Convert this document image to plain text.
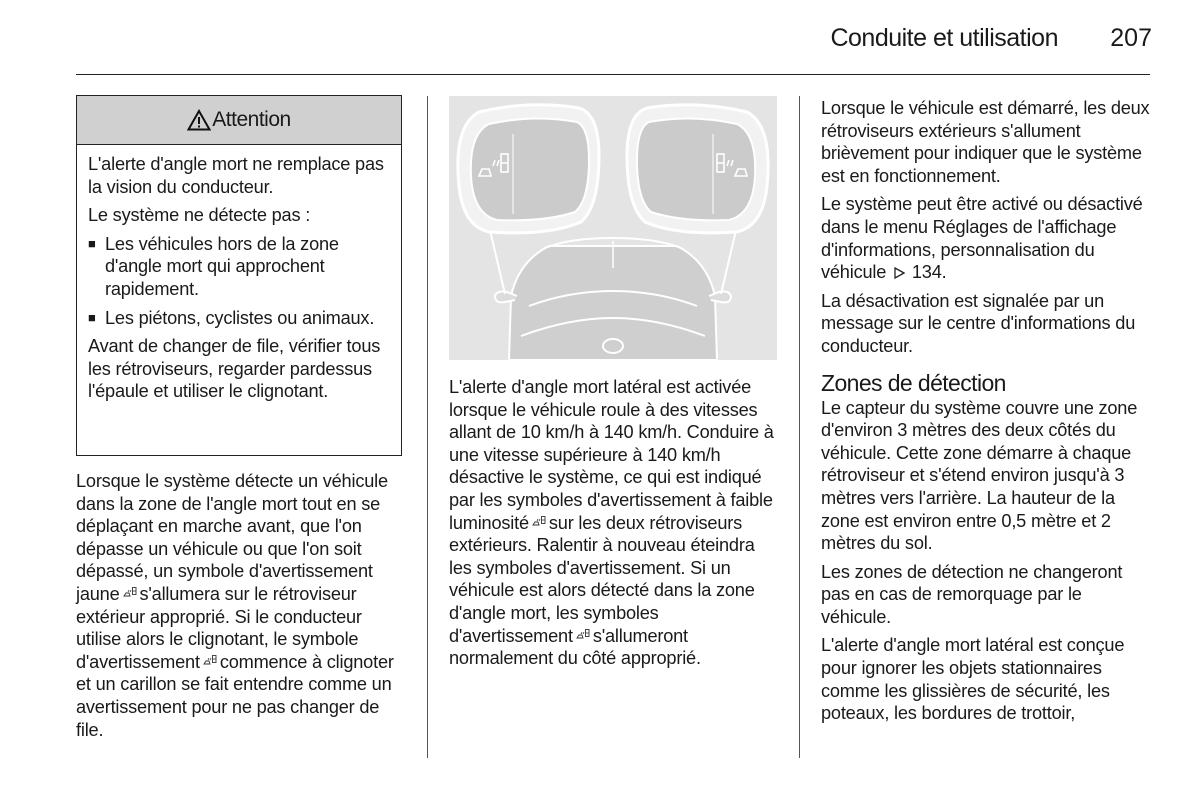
Conduite et utilisation	207
Attention

L'alerte d'angle mort ne remplace pas la vision du conducteur.

Le système ne détecte pas :

■ Les véhicules hors de la zone d'angle mort qui approchent rapidement.
■ Les piétons, cyclistes ou animaux.

Avant de changer de file, vérifier tous les rétroviseurs, regarder pardessus l'épaule et utiliser le clignotant.

Lorsque le système détecte un véhicule dans la zone de l'angle mort tout en se déplaçant en marche avant, que l'on dépasse un véhicule ou que l'on soit dépassé, un symbole d'avertissement jaune s'allumera sur le rétroviseur extérieur approprié. Si le conducteur utilise alors le clignotant, le symbole d'avertissement commence à clignoter et un carillon se fait entendre comme un avertissement pour ne pas changer de file.

L'alerte d'angle mort latéral est activée lorsque le véhicule roule à des vitesses allant de 10 km/h à 140 km/h. Conduire à une vitesse supérieure à 140 km/h désactive le système, ce qui est indiqué par les symboles d'avertissement à faible luminosité sur les deux rétroviseurs extérieurs. Ralentir à nouveau éteindra les symboles d'avertissement. Si un véhicule est alors détecté dans la zone d'angle mort, les symboles d'avertissement s'allumeront normalement du côté approprié.

Lorsque le véhicule est démarré, les deux rétroviseurs extérieurs s'allument brièvement pour indiquer que le système est en fonctionnement.

Le système peut être activé ou désactivé dans le menu Réglages de l'affichage d'informations, personnalisation du véhicule 134.

La désactivation est signalée par un message sur le centre d'informations du conducteur.

Zones de détection

Le capteur du système couvre une zone d'environ 3 mètres des deux côtés du véhicule. Cette zone démarre à chaque rétroviseur et s'étend environ jusqu'à 3 mètres vers l'arrière. La hauteur de la zone est environ entre 0,5 mètre et 2 mètres du sol.

Les zones de détection ne changeront pas en cas de remorquage par le véhicule.

L'alerte d'angle mort latéral est conçue pour ignorer les objets stationnaires comme les glissières de sécurité, les poteaux, les bordures de trottoir,
